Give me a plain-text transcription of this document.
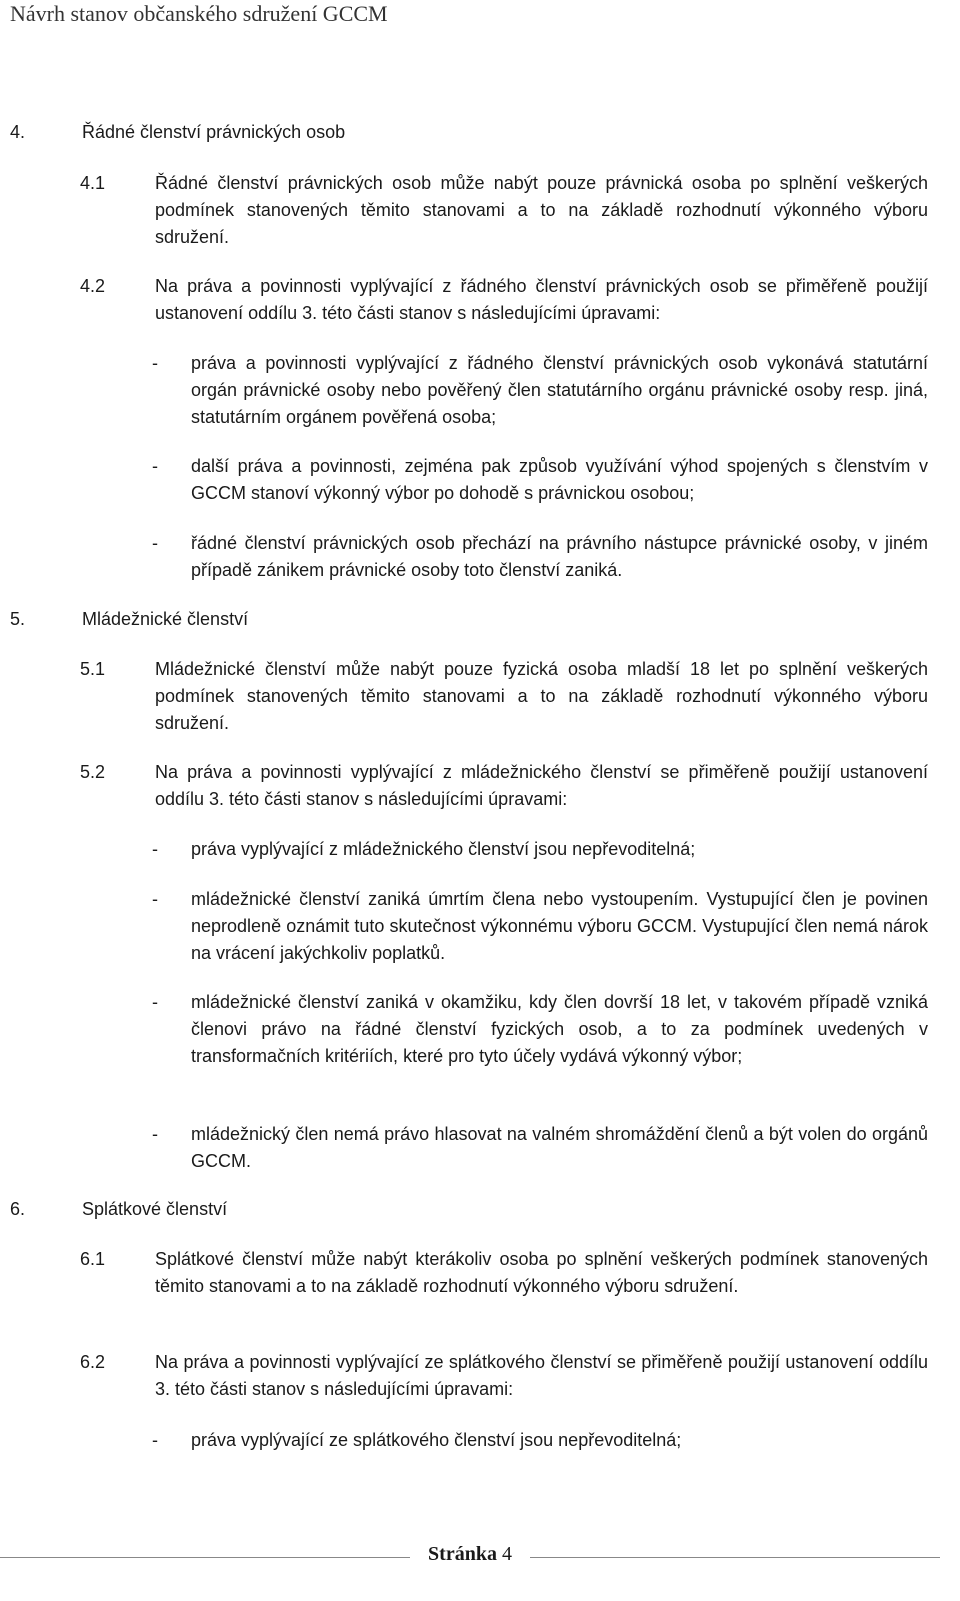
Návrh stanov občanského sdružení GCCM
4.	Řádné členství právnických osob
4.1	Řádné členství právnických osob může nabýt pouze právnická osoba po splnění veškerých podmínek stanovených těmito stanovami a to na základě rozhodnutí výkonného výboru sdružení.
4.2	Na práva a povinnosti vyplývající z řádného členství právnických osob se přiměřeně použijí ustanovení oddílu 3. této části stanov s následujícími úpravami:
- práva a povinnosti vyplývající z řádného členství právnických osob vykonává statutární orgán právnické osoby nebo pověřený člen statutárního orgánu právnické osoby resp. jiná, statutárním orgánem pověřená osoba;
- další práva a povinnosti, zejména pak způsob využívání výhod spojených s členstvím v GCCM stanoví výkonný výbor po dohodě s právnickou osobou;
- řádné členství právnických osob přechází na právního nástupce právnické osoby, v jiném případě zánikem právnické osoby toto členství zaniká.
5.	Mládežnické členství
5.1	Mládežnické členství může nabýt pouze fyzická osoba mladší 18 let po splnění veškerých podmínek stanovených těmito stanovami a to na základě rozhodnutí výkonného výboru sdružení.
5.2	Na práva a povinnosti vyplývající z mládežnického členství se přiměřeně použijí ustanovení oddílu 3. této části stanov s následujícími úpravami:
- práva vyplývající z mládežnického členství jsou nepřevoditelná;
- mládežnické členství zaniká úmrtím člena nebo vystoupením. Vystupující člen je povinen neprodleně oznámit tuto skutečnost výkonnému výboru GCCM. Vystupující člen nemá nárok na vrácení jakýchkoliv poplatků.
- mládežnické členství zaniká v okamžiku, kdy člen dovrší 18 let, v takovém případě vzniká členovi právo na řádné členství fyzických osob, a to za podmínek uvedených v transformačních kritériích, které pro tyto účely vydává výkonný výbor;
- mládežnický člen nemá právo hlasovat na valném shromáždění členů a být volen do orgánů GCCM.
6.	Splátkové členství
6.1	Splátkové členství může nabýt kterákoliv osoba po splnění veškerých podmínek stanovených těmito stanovami a to na základě rozhodnutí výkonného výboru sdružení.
6.2	Na práva a povinnosti vyplývající ze splátkového členství se přiměřeně použijí ustanovení oddílu 3. této části stanov s následujícími úpravami:
- práva vyplývající ze splátkového členství jsou nepřevoditelná;
Stránka 4
